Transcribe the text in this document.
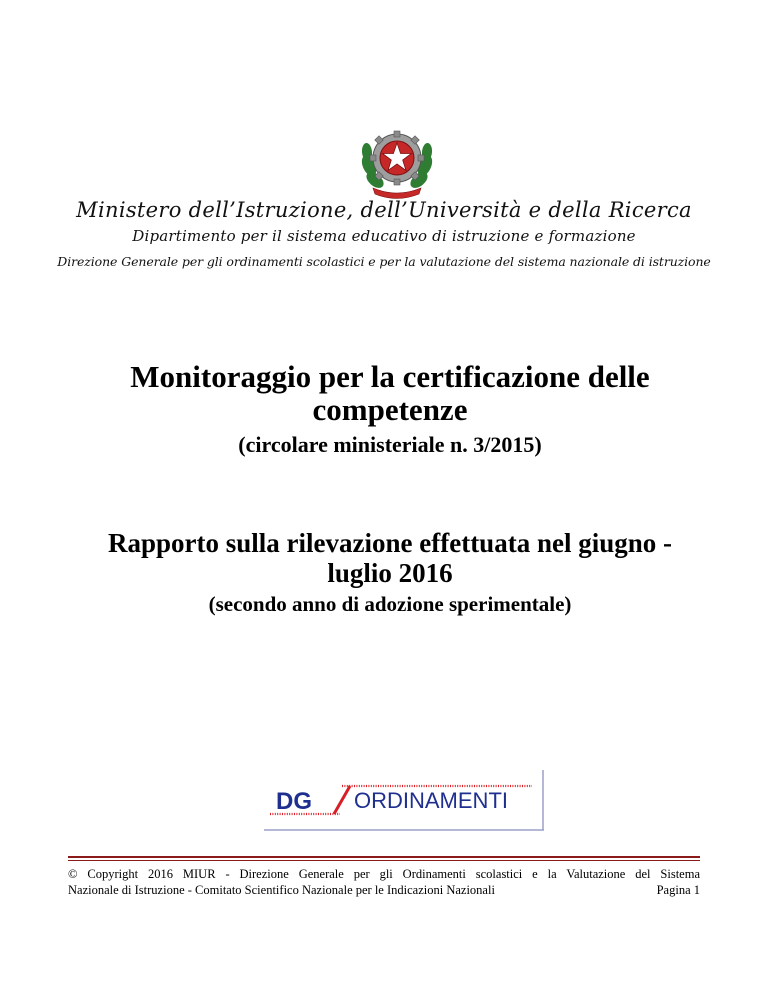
Ministero dell’Istruzione, dell’Università e della Ricerca
Dipartimento per il sistema educativo di istruzione e formazione
Direzione Generale per gli ordinamenti scolastici e per la valutazione del sistema nazionale di istruzione
Monitoraggio per la certificazione delle competenze
(circolare ministeriale n. 3/2015)
Rapporto sulla rilevazione effettuata nel giugno - luglio 2016
(secondo anno di adozione sperimentale)
DG ORDINAMENTI
© Copyright 2016 MIUR - Direzione Generale per gli Ordinamenti scolastici e la Valutazione del Sistema
Nazionale di Istruzione - Comitato Scientifico Nazionale per le Indicazioni Nazionali	Pagina 1
